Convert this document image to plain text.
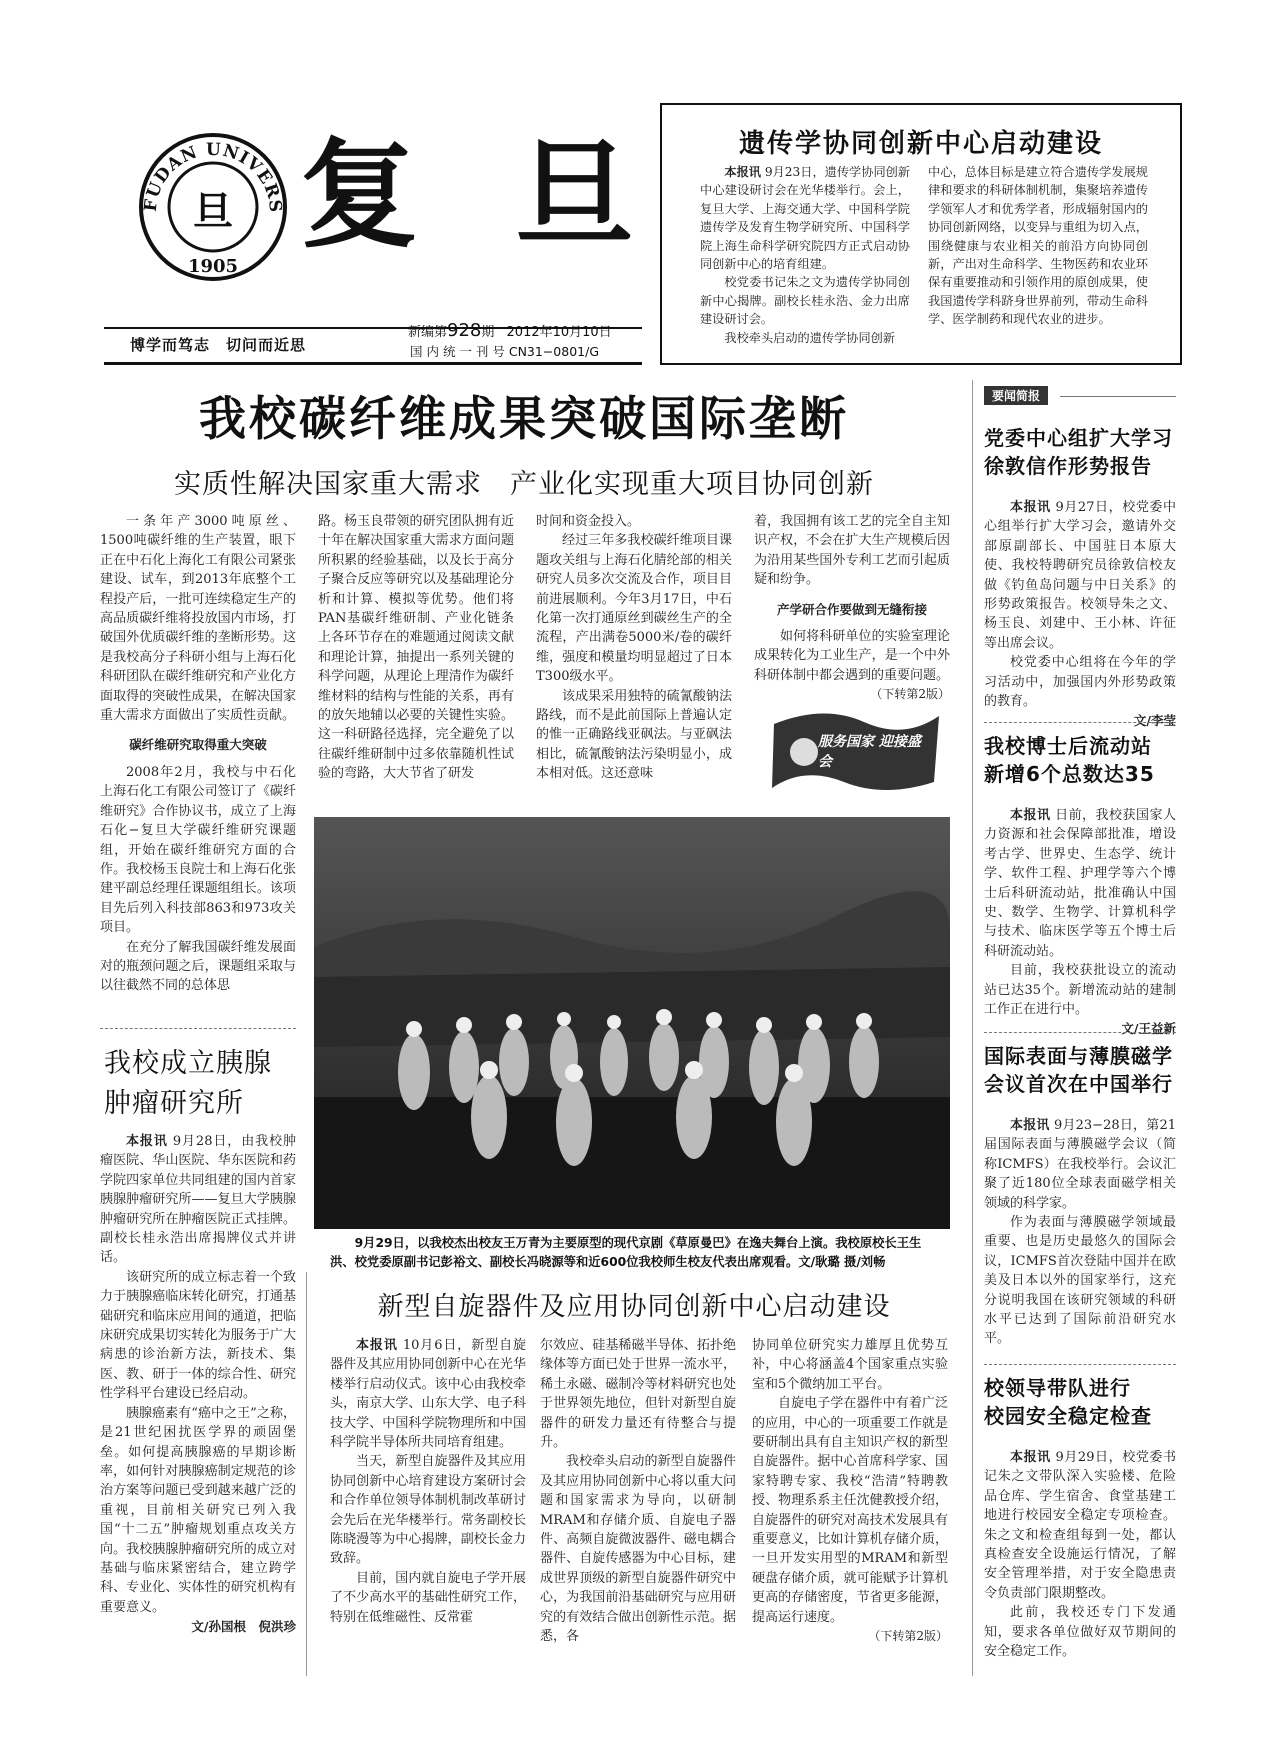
FUDAN UNIVERS
1905
旦 复 旦
博学而笃志　切问而近思
新编第928期 2012年10月10日
国 内 统 一 刊 号 CN31−0801/G
遗传学协同创新中心启动建设

本报讯 9月23日，遗传学协同创新中心建设研讨会在光华楼举行。会上，复旦大学、上海交通大学、中国科学院遗传学及发育生物学研究所、中国科学院上海生命科学研究院四方正式启动协同创新中心的培育组建。

校党委书记朱之文为遗传学协同创新中心揭牌。副校长桂永浩、金力出席建设研讨会。

我校牵头启动的遗传学协同创新

中心，总体目标是建立符合遗传学发展规律和要求的科研体制机制，集聚培养遗传学领军人才和优秀学者，形成辐射国内的协同创新网络，以变异与重组为切入点，围绕健康与农业相关的前沿方向协同创新，产出对生命科学、生物医药和农业环保有重要推动和引领作用的原创成果，使我国遗传学科跻身世界前列，带动生命科学、医学制药和现代农业的进步。
我校碳纤维成果突破国际垄断
实质性解决国家重大需求　产业化实现重大项目协同创新

一条年产3000吨原丝、1500吨碳纤维的生产装置，眼下正在中石化上海化工有限公司紧张建设、试车，到2013年底整个工程投产后，一批可连续稳定生产的高品质碳纤维将投放国内市场，打破国外优质碳纤维的垄断形势。这是我校高分子科研小组与上海石化科研团队在碳纤维研究和产业化方面取得的突破性成果，在解决国家重大需求方面做出了实质性贡献。

碳纤维研究取得重大突破

2008年2月，我校与中石化上海石化工有限公司签订了《碳纤维研究》合作协议书，成立了上海石化−复旦大学碳纤维研究课题组，开始在碳纤维研究方面的合作。我校杨玉良院士和上海石化张建平副总经理任课题组组长。该项目先后列入科技部863和973攻关项目。

在充分了解我国碳纤维发展面对的瓶颈问题之后，课题组采取与以往截然不同的总体思

路。杨玉良带领的研究团队拥有近十年在解决国家重大需求方面问题所积累的经验基础，以及长于高分子聚合反应等研究以及基础理论分析和计算、模拟等优势。他们将PAN基碳纤维研制、产业化链条上各环节存在的难题通过阅读文献和理论计算，抽提出一系列关键的科学问题，从理论上理清作为碳纤维材料的结构与性能的关系，再有的放矢地辅以必要的关键性实验。这一科研路径选择，完全避免了以往碳纤维研制中过多依靠随机性试验的弯路，大大节省了研发

时间和资金投入。

经过三年多我校碳纤维项目课题攻关组与上海石化腈纶部的相关研究人员多次交流及合作，项目目前进展顺利。今年3月17日，中石化第一次打通原丝到碳丝生产的全流程，产出满卷5000米/卷的碳纤维，强度和模量均明显超过了日本T300级水平。

该成果采用独特的硫氰酸钠法路线，而不是此前国际上普遍认定的惟一正确路线亚砜法。与亚砜法相比，硫氰酸钠法污染明显小，成本相对低。这还意味

着，我国拥有该工艺的完全自主知识产权，不会在扩大生产规模后因为沿用某些国外专利工艺而引起质疑和纷争。

产学研合作要做到无缝衔接

如何将科研单位的实验室理论成果转化为工业生产，是一个中外科研体制中都会遇到的重要问题。

（下转第2版）
服务国家 迎接盛会
9月29日，以我校杰出校友王万青为主要原型的现代京剧《草原曼巴》在逸夫舞台上演。我校原校长王生洪、校党委原副书记彭裕文、副校长冯晓源等和近600位我校师生校友代表出席观看。文/耿璐 摄/刘畅
我校成立胰腺肿瘤研究所

本报讯 9月28日，由我校肿瘤医院、华山医院、华东医院和药学院四家单位共同组建的国内首家胰腺肿瘤研究所——复旦大学胰腺肿瘤研究所在肿瘤医院正式挂牌。副校长桂永浩出席揭牌仪式并讲话。

该研究所的成立标志着一个致力于胰腺癌临床转化研究，打通基础研究和临床应用间的通道，把临床研究成果切实转化为服务于广大病患的诊治新方法，新技术、集医、教、研于一体的综合性、研究性学科平台建设已经启动。

胰腺癌素有“癌中之王”之称，是21世纪困扰医学界的顽固堡垒。如何提高胰腺癌的早期诊断率，如何针对胰腺癌制定规范的诊治方案等问题已受到越来越广泛的重视，目前相关研究已列入我国“十二五”肿瘤规划重点攻关方向。我校胰腺肿瘤研究所的成立对基础与临床紧密结合，建立跨学科、专业化、实体性的研究机构有重要意义。

文/孙国根　倪洪珍
新型自旋器件及应用协同创新中心启动建设

本报讯 10月6日，新型自旋器件及其应用协同创新中心在光华楼举行启动仪式。该中心由我校牵头，南京大学、山东大学、电子科技大学、中国科学院物理所和中国科学院半导体所共同培育组建。

当天，新型自旋器件及其应用协同创新中心培育建设方案研讨会和合作单位领导体制机制改革研讨会先后在光华楼举行。常务副校长陈晓漫等为中心揭牌，副校长金力致辞。

目前，国内就自旋电子学开展了不少高水平的基础性研究工作，特别在低维磁性、反常霍

尔效应、硅基稀磁半导体、拓扑绝缘体等方面已处于世界一流水平，稀土永磁、磁制冷等材料研究也处于世界领先地位，但针对新型自旋器件的研发力量还有待整合与提升。

我校牵头启动的新型自旋器件及其应用协同创新中心将以重大问题和国家需求为导向，以研制MRAM和存储介质、自旋电子器件、高频自旋微波器件、磁电耦合器件、自旋传感器为中心目标，建成世界顶级的新型自旋器件研究中心，为我国前沿基础研究与应用研究的有效结合做出创新性示范。据悉，各

协同单位研究实力雄厚且优势互补，中心将涵盖4个国家重点实验室和5个微纳加工平台。

自旋电子学在器件中有着广泛的应用，中心的一项重要工作就是要研制出具有自主知识产权的新型自旋器件。据中心首席科学家、国家特聘专家、我校“浩清”特聘教授、物理系系主任沈健教授介绍，自旋器件的研究对高技术发展具有重要意义，比如计算机存储介质，一旦开发实用型的MRAM和新型硬盘存储介质，就可能赋予计算机更高的存储密度，节省更多能源，提高运行速度。

（下转第2版）
要闻简报
党委中心组扩大学习
徐敦信作形势报告

本报讯 9月27日，校党委中心组举行扩大学习会，邀请外交部原副部长、中国驻日本原大使、我校特聘研究员徐敦信校友做《钓鱼岛问题与中日关系》的形势政策报告。校领导朱之文、杨玉良、刘建中、王小林、许征等出席会议。

校党委中心组将在今年的学习活动中，加强国内外形势政策的教育。

文/李莹
我校博士后流动站
新增6个总数达35

本报讯 日前，我校获国家人力资源和社会保障部批准，增设考古学、世界史、生态学、统计学、软件工程、护理学等六个博士后科研流动站，批准确认中国史、数学、生物学、计算机科学与技术、临床医学等五个博士后科研流动站。

目前，我校获批设立的流动站已达35个。新增流动站的建制工作正在进行中。

文/王益新
国际表面与薄膜磁学
会议首次在中国举行

本报讯 9月23−28日，第21届国际表面与薄膜磁学会议（简称ICMFS）在我校举行。会议汇聚了近180位全球表面磁学相关领域的科学家。

作为表面与薄膜磁学领域最重要、也是历史最悠久的国际会议，ICMFS首次登陆中国并在欧美及日本以外的国家举行，这充分说明我国在该研究领域的科研水平已达到了国际前沿研究水平。

校领导带队进行
校园安全稳定检查

本报讯 9月29日，校党委书记朱之文带队深入实验楼、危险品仓库、学生宿舍、食堂基建工地进行校园安全稳定专项检查。朱之文和检查组每到一处，都认真检查安全设施运行情况，了解安全管理举措，对于安全隐患责令负责部门限期整改。

此前，我校还专门下发通知，要求各单位做好双节期间的安全稳定工作。
